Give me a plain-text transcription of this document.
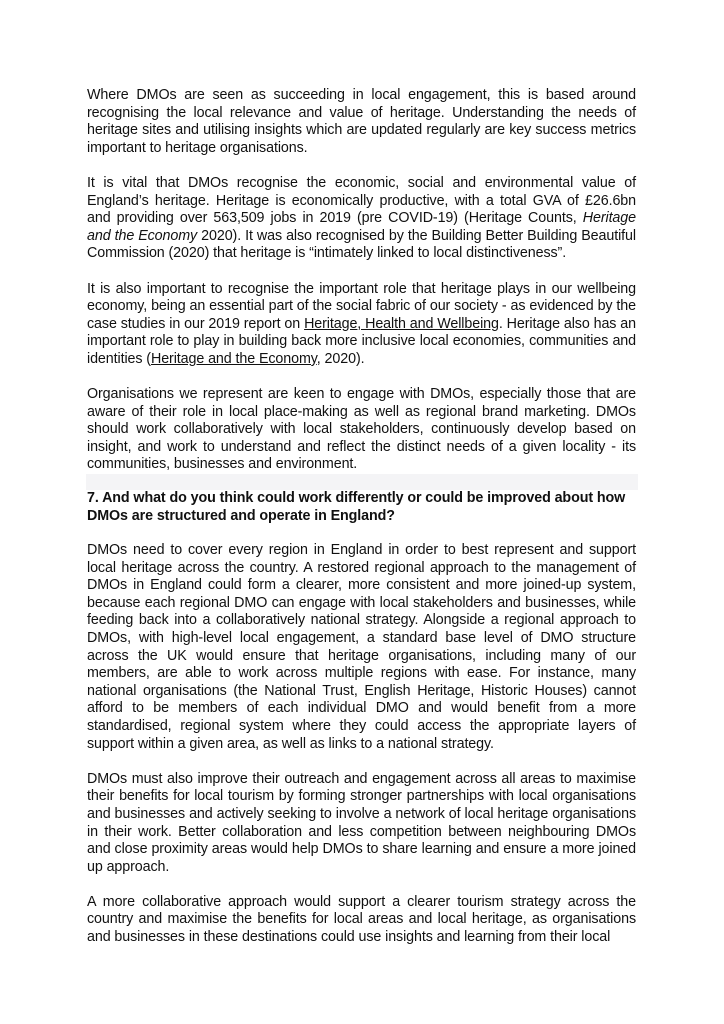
Where DMOs are seen as succeeding in local engagement, this is based around recognising the local relevance and value of heritage. Understanding the needs of heritage sites and utilising insights which are updated regularly are key success metrics important to heritage organisations.

It is vital that DMOs recognise the economic, social and environmental value of England’s heritage. Heritage is economically productive, with a total GVA of £26.6bn and providing over 563,509 jobs in 2019 (pre COVID-19) (Heritage Counts, Heritage and the Economy 2020). It was also recognised by the Building Better Building Beautiful Commission (2020) that heritage is “intimately linked to local distinctiveness”.

It is also important to recognise the important role that heritage plays in our wellbeing economy, being an essential part of the social fabric of our society - as evidenced by the case studies in our 2019 report on Heritage, Health and Wellbeing. Heritage also has an important role to play in building back more inclusive local economies, communities and identities (Heritage and the Economy, 2020).

Organisations we represent are keen to engage with DMOs, especially those that are aware of their role in local place-making as well as regional brand marketing. DMOs should work collaboratively with local stakeholders, continuously develop based on insight, and work to understand and reflect the distinct needs of a given locality - its communities, businesses and environment.

7. And what do you think could work differently or could be improved about how DMOs are structured and operate in England?

DMOs need to cover every region in England in order to best represent and support local heritage across the country. A restored regional approach to the management of DMOs in England could form a clearer, more consistent and more joined-up system, because each regional DMO can engage with local stakeholders and businesses, while feeding back into a collaboratively national strategy. Alongside a regional approach to DMOs, with high-level local engagement, a standard base level of DMO structure across the UK would ensure that heritage organisations, including many of our members, are able to work across multiple regions with ease. For instance, many national organisations (the National Trust, English Heritage, Historic Houses) cannot afford to be members of each individual DMO and would benefit from a more standardised, regional system where they could access the appropriate layers of support within a given area, as well as links to a national strategy.

DMOs must also improve their outreach and engagement across all areas to maximise their benefits for local tourism by forming stronger partnerships with local organisations and businesses and actively seeking to involve a network of local heritage organisations in their work. Better collaboration and less competition between neighbouring DMOs and close proximity areas would help DMOs to share learning and ensure a more joined up approach.

A more collaborative approach would support a clearer tourism strategy across the country and maximise the benefits for local areas and local heritage, as organisations and businesses in these destinations could use insights and learning from their local
